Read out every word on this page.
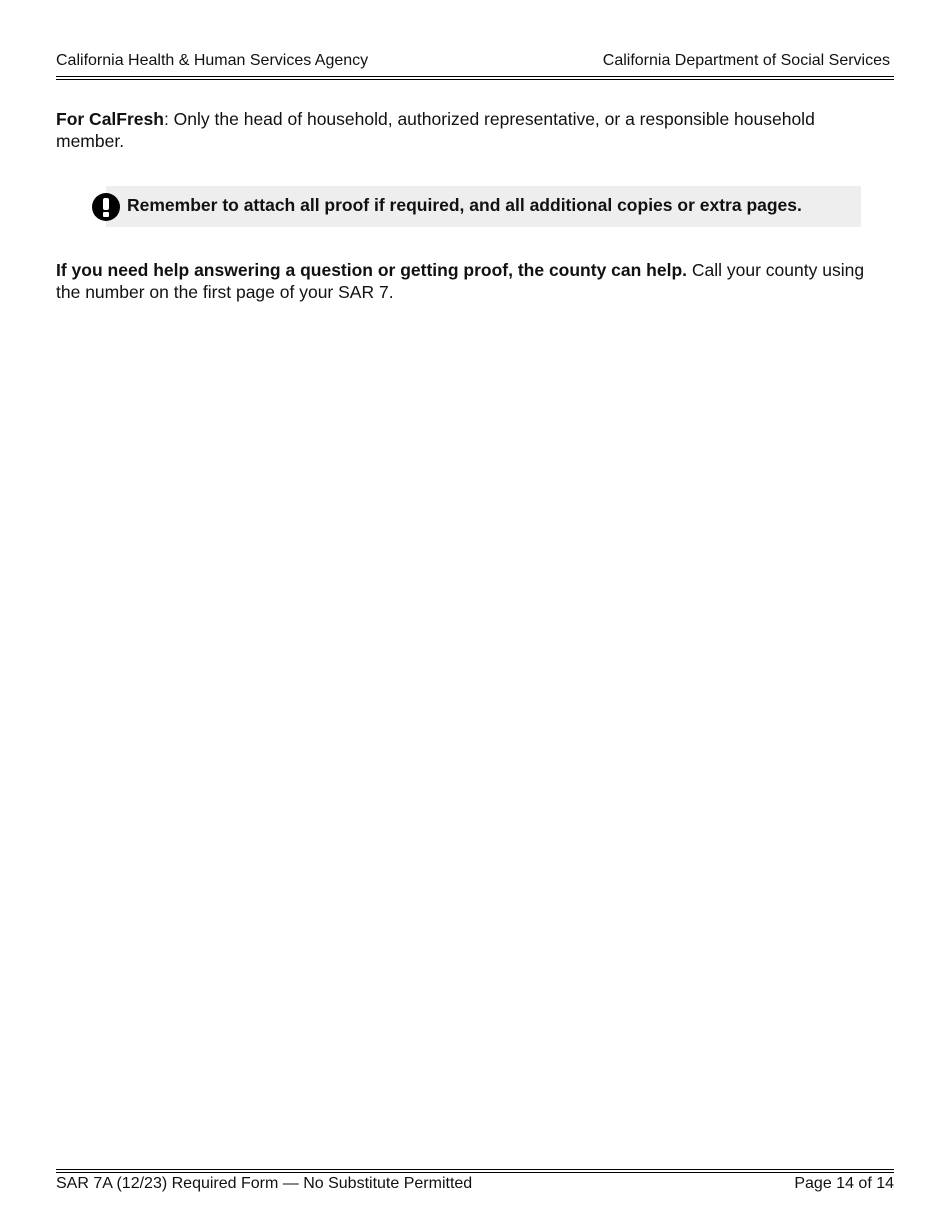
California Health & Human Services Agency	California Department of Social Services

For CalFresh: Only the head of household, authorized representative, or a responsible household member.

Remember to attach all proof if required, and all additional copies or extra pages.

If you need help answering a question or getting proof, the county can help. Call your county using the number on the first page of your SAR 7.

SAR 7A (12/23) Required Form — No Substitute Permitted	Page 14 of 14
